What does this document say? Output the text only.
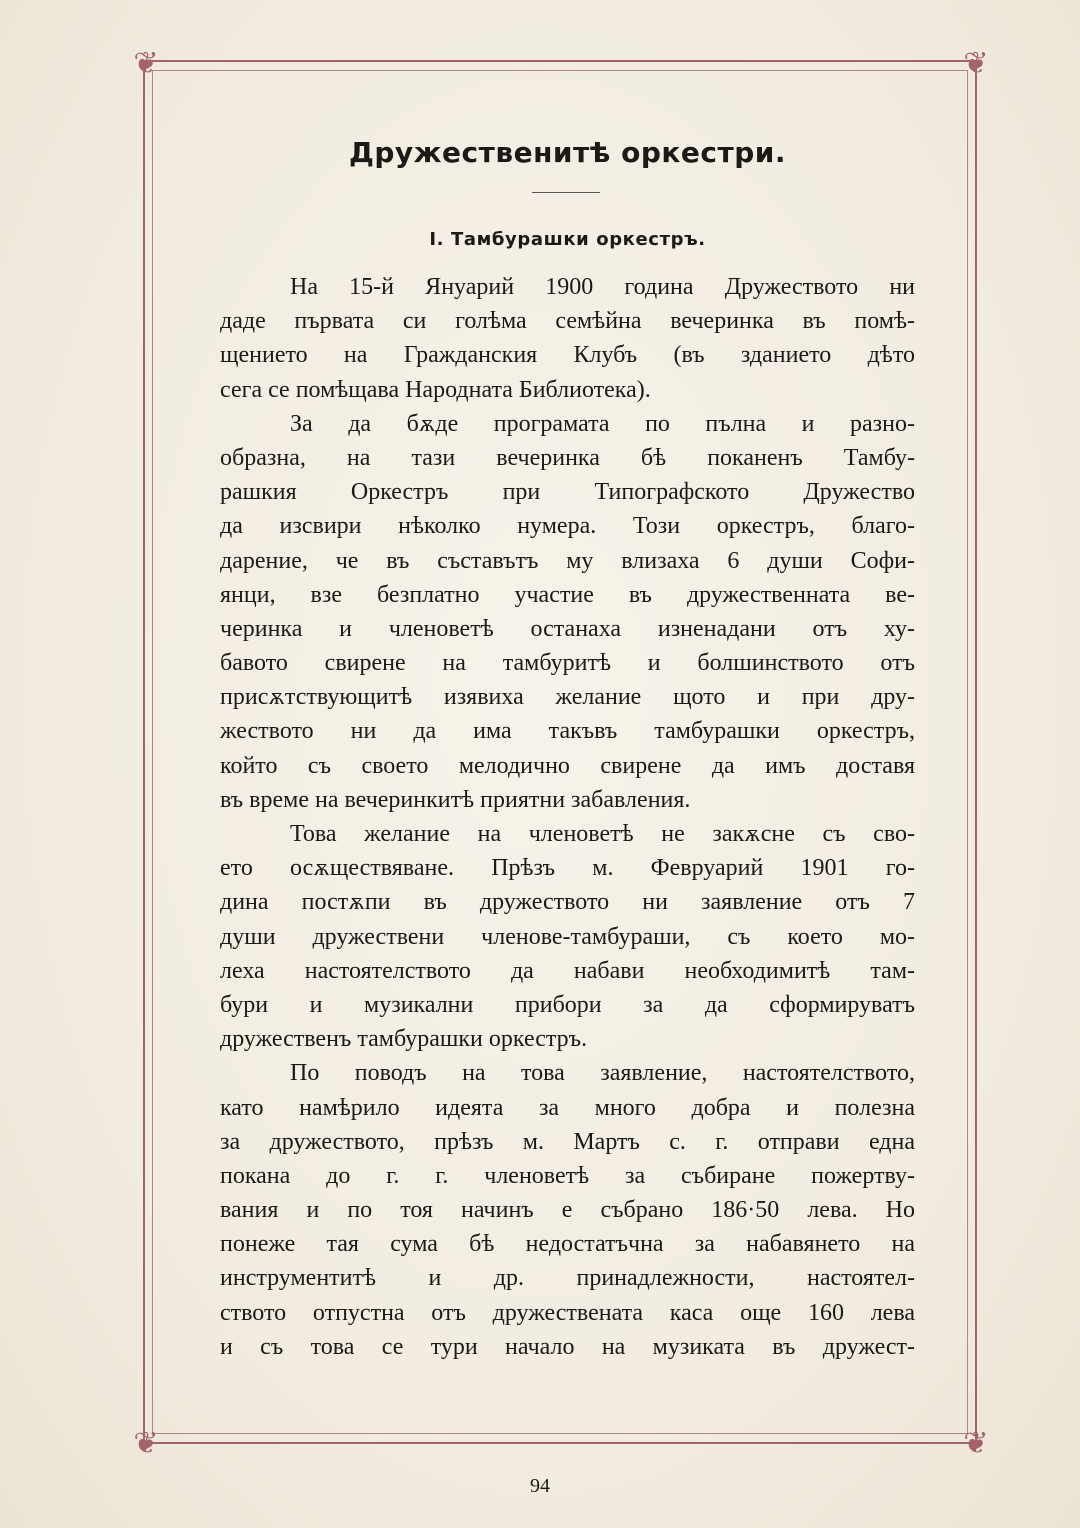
❦	❦
❦	❦
Дружественитѣ оркестри.
I. Тамбурашки оркестръ.
На 15-й Януарий 1900 година Дружеството ни
даде първата си голѣма семѣйна вечеринка въ помѣ-
щението на Гражданския Клубъ (въ зданието дѣто
сега се помѣщава Народната Библиотека).
За да бѫде програмата по пълна и разно-
образна, на тази вечеринка бѣ поканенъ Тамбу-
рашкия Оркестръ при Типографското Дружество
да изсвири нѣколко нумера. Този оркестръ, благо-
дарение, че въ съставътъ му влизаха 6 души Софи-
янци, взе безплатно участие въ дружественната ве-
черинка и членоветѣ останаха изненадани отъ ху-
бавото свирене на тамбуритѣ и болшинството отъ
присѫтствующитѣ изявиха желание щото и при дру-
жеството ни да има такъвъ тамбурашки оркестръ,
който съ своето мелодично свирене да имъ доставя
въ време на вечеринкитѣ приятни забавления.
Това желание на членоветѣ не закѫсне съ сво-
ето осѫществяване. Прѣзъ м. Февруарий 1901 го-
дина постѫпи въ дружеството ни заявление отъ 7
души дружествени членове-тамбураши, съ което мо-
леха настоятелството да набави необходимитѣ там-
бури и музикални прибори за да сформируватъ
дружественъ тамбурашки оркестръ.
По поводъ на това заявление, настоятелството,
като намѣрило идеята за много добра и полезна
за дружеството, прѣзъ м. Мартъ с. г. отправи една
покана до г. г. членоветѣ за събиране пожертву-
вания и по тоя начинъ е събрано 186·50 лева. Но
понеже тая сума бѣ недостатъчна за набавянето на
инструментитѣ и др. принадлежности, настоятел-
ството отпустна отъ дружествената каса още 160 лева
и съ това се тури начало на музиката въ дружест-
94
